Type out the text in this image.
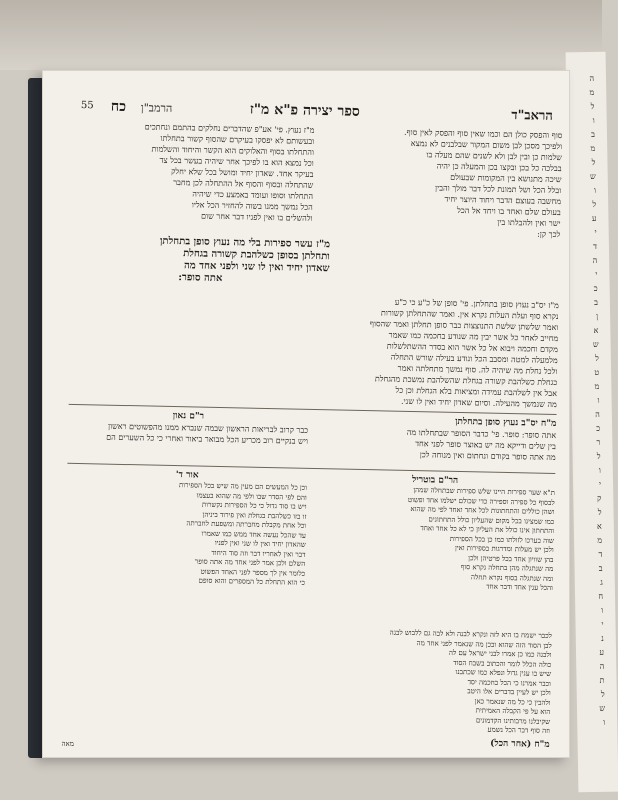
ה
מ
ל
ו
ב
מ
ל
ש
ו
ל
ע
י
ד
ה
י
כ
ב
ן
א
ש
ל
ט
מ
ו
ה
כ
ר
ל
ו
י
ק
ל
א
מ
ד
ב
ג
ח
ו
י
נ
ע
ה
ת
ל
ש
ו
הראב"ד
ספר יצירה פ"א מ"ז
הרמב"ן
כח
55
סוף והפסק כולן הם וכמו שאין סוף והפסק לאין סוף.
ולפיכך מסכן לבן משום המקור שבלבנים לא נמצא
שלמות כן ובין לבן ולא לשנים שהם מעלה בו
בבלכה כל בכן ובקצו בכן והמעלה כן יהיה
שיכה מתנושא בין המקומות שבעולם
ובלל הכל ושל תמונת לכל דבר מולך והבין
מחשבה בעוצם הדבר ויחוד היוצר יחיד
בעולם שלם ואחד בו ויחד אל הכל
ישר ואין ולהבלתו בין
לכך קן:
מ"ז נעוץ. פי' אע"פ שהדברים נחלקים בהתמם ונחתכים
ובעשותם לא יפסקו בעיקרם שהסוף קשור בתחלתו
והתחלתו בסוף והאלוקים הוא הקשר והיחוד והשלמות
וכל נמצא הוא בו לפיכך אחר שיהיה בעשר בכל צד
בעיקר אחד. שאדון יחיד ומושל בכל שלא יחלק
שהתחלה ובסוף והסוף אל ההתחלה לכן מחבר
התחלתו וסופו ועומד באמצע כדי שיהיה
הכל נמשך ממנו בשוה להחזיר הכל אליו
ולהשלים בו ואין לפניו דבר אחר שום
מ"ז עשר ספירות בלי מה נעוץ סופן בתחלתן
ותחלתן בסופן כשלהבת קשורה בגחלת
שאדון יחיד ואין לו שני ולפני אחד מה
אתה סופר:
מ"ז יס"ב נעוץ סופן בתחלתן. פי' סופן של כ"ע כי כ"ע
נקרא סוף ועלת העלות נקרא אין. ואמר שהתחלתן קשורות
ואמר שלשתן שלשת התנוצצות כבר סופן תחלתן ואמר שהסוף
מחייב לאחר כל אשר יבין מה שנודע בחכמה כמו שאמר
מקדם וחכמה ויבוא אל כל אשר הוא בסדר ההשתלשלות
מלמעלה למטה ומסבב הכל ונודע בעילה שורש התחלה
ולכל נחלת מה שיהיה לה. סוף נמשך מתחלתה ואמר
כגחלת כשלהבת קשורה בגחלת שהשלהבת נמשכת מהגחלת
אבל אין לשלהבת עמידה ומציאות בלא הגחלת וכן כל
מה שנמשך מהעילה. וסיום שאדון יחיד ואין לו שני.
מ"ח יס"ב נעוץ סופן בתחלתן
אתה סופר: סופר. פי' כדבר הסופר שבתחלתו מה
בין שלים ודייקא מה יש באוצר סופר לפני אחד
מה אתה סופר בקודם ונחתום ואין מנוחה לכן
ר"ם נאון
כבר קרוב לבריאות הראשון שבמה שנברא ממנו מהפשוטים ראשון
ויש בנקיים רוב מכריע הכל מבואר ביאור ואחרי כי כל השערים הם
הר"ם בוטריל
ת"א שער ספירות היינו שלש ספירות שבתחלה שמהן
לבסוף כל ספירה וספירה כדי שכולם ישלמו אחד ופשוט
ושהן כוללים והתחתונות לכל אחד ואחד לפי מה שהוא
כמו שמצינו בכל מקום שהעליון כולל התחתונים
והתחתון אינו כולל את העליון כי לא כל אחד ואחד
שוה בערכו לזולתו כמו כן בכל הספירות
ולכן יש מעלות ומדרגות בספירות ואין
בהן שוויון אחד בכל פרטיהן ולכן
מה שנתגלה מהן בתחלה נקרא סוף
ומה שנתגלה בסוף נקרא תחלה
והכל ענין אחד ודבר אחד
אור ד'
וכן כל המעשים הם מעין מה שיש בכל הספירות
והם לפי הסדר שבו ולפי מה שהוא בעצמו
ויש בו סוד גדול כי כל הספירות נקשרות
זו בזו כשלהבת בגחלת ואין פירוד ביניהן
וכל אחת מקבלת מחברתה ומשפעת לחברתה
עד שהכל נעשה אחד ממש כמו שאמרו
שהאדון יחיד ואין לו שני ואין לפניו
דבר ואין לאחריו דבר וזה סוד היחוד
השלם ולכן אמר לפני אחד מה אתה סופר
כלומר אין לך מספר לפני האחד הפשוט
כי הוא התחלת כל המספרים והוא סופם
לכבר ישמח בו היא לזה ונקרא לבנה ולא לבה גם ללבוש לבנה
לבן הסוד הזה שהוא ובכן מה שנאמר לפני אחד מה
ולבנה כמו כן אמרו לבני ישראל עם לה
כולה הכלל לומר והכתוב בשבח הסוד
שיש בו ענין גדול ונפלא כמו שכתבנו
וכבר אמרנו כי הכל בחכמה יסד
ולכן יש לעיין בדברים אלו היטב
ולהבין כי כל מה שנאמר כאן
הוא על פי הקבלה האמיתית
שקיבלנו מרבותינו הקדמונים
וזה סוף דבר הכל נשמע
מ"ח (אחר הכל)
מאה
